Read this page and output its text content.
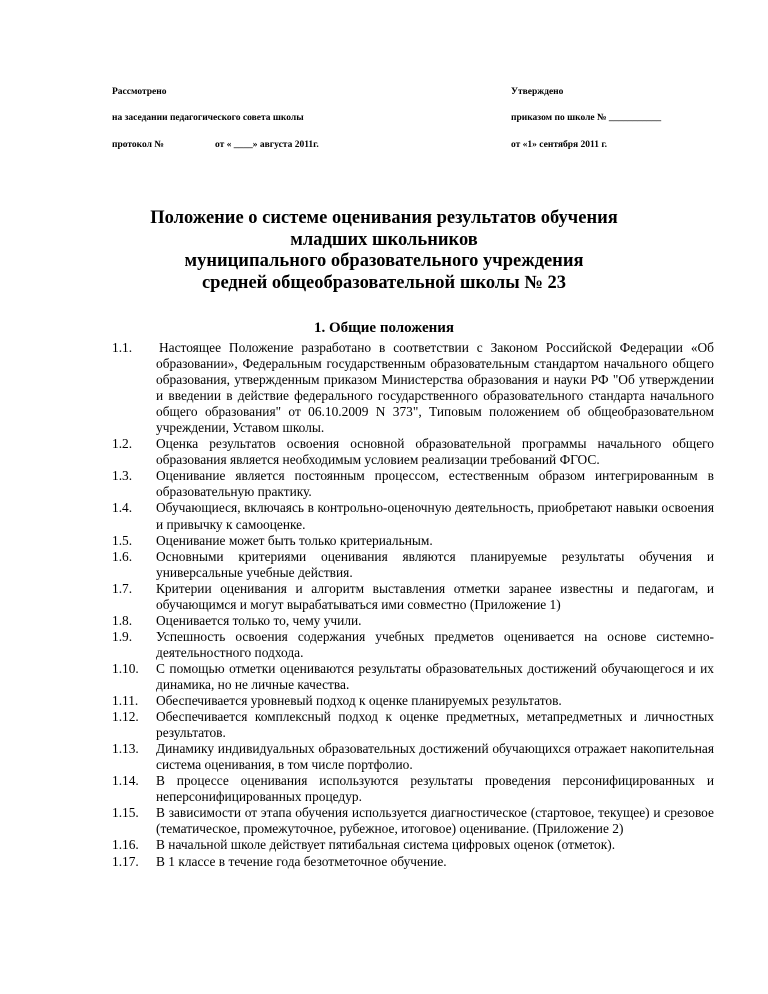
Рассмотрено
на заседании педагогического совета школы
протокол №	от « ____» августа 2011г.
Утверждено
приказом по школе № ___________
от «1» сентября 2011 г.
Положение о системе оценивания результатов обучения
младших школьников
муниципального образовательного учреждения
средней общеобразовательной школы № 23
1. Общие положения
1.1.	Настоящее Положение разработано в соответствии с Законом Российской Федерации «Об образовании», Федеральным государственным образовательным стандартом начального общего образования, утвержденным приказом Министерства образования и науки РФ "Об утверждении и введении в действие федерального государственного образовательного стандарта начального общего образования" от 06.10.2009 N 373", Типовым положением об общеобразовательном учреждении, Уставом школы.
1.2.	Оценка результатов освоения основной образовательной программы начального общего образования является необходимым условием реализации требований ФГОС.
1.3.	Оценивание является постоянным процессом, естественным образом интегрированным в образовательную практику.
1.4.	Обучающиеся, включаясь в контрольно-оценочную деятельность, приобретают навыки освоения и привычку к самооценке.
1.5.	Оценивание может быть только критериальным.
1.6.	Основными критериями оценивания являются планируемые результаты обучения и универсальные учебные действия.
1.7.	Критерии оценивания и алгоритм выставления отметки заранее известны и педагогам, и обучающимся и могут вырабатываться ими совместно (Приложение 1)
1.8.	Оценивается только то, чему учили.
1.9.	Успешность освоения содержания учебных предметов оценивается на основе системно-деятельностного подхода.
1.10.	С помощью отметки оцениваются результаты образовательных достижений обучающегося и их динамика, но не личные качества.
1.11.	Обеспечивается уровневый подход к оценке планируемых результатов.
1.12.	Обеспечивается комплексный подход к оценке предметных, метапредметных и личностных результатов.
1.13.	Динамику индивидуальных образовательных достижений обучающихся отражает накопительная система оценивания, в том числе портфолио.
1.14.	В процессе оценивания используются результаты проведения персонифицированных и неперсонифицированных процедур.
1.15.	В зависимости от этапа обучения используется диагностическое (стартовое, текущее) и срезовое (тематическое, промежуточное, рубежное, итоговое) оценивание. (Приложение 2)
1.16.	В начальной школе действует пятибальная система цифровых оценок (отметок).
1.17.	В 1 классе в течение года безотметочное обучение.
